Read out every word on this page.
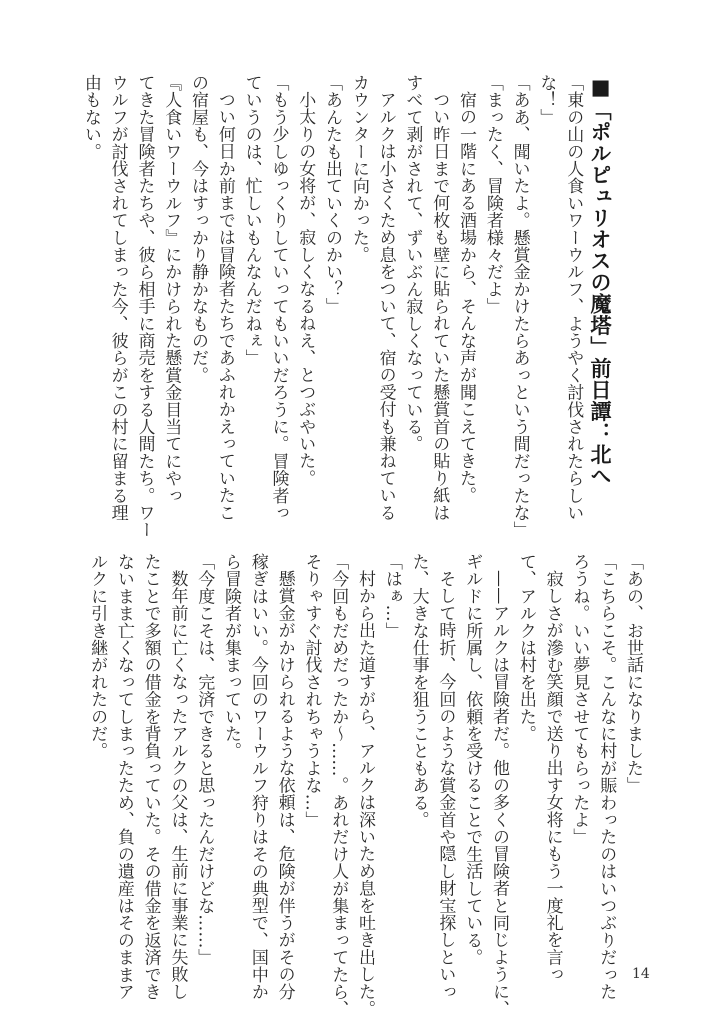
■「ポルピュリオスの魔塔」前日譚：北へ
「東の山の人食いワーウルフ、ようやく討伐されたらしい
な！」
「ああ、聞いたよ。懸賞金かけたらあっという間だったな」
「まったく、冒険者様々だよ」
宿の一階にある酒場から、そんな声が聞こえてきた。
つい昨日まで何枚も壁に貼られていた懸賞首の貼り紙は
すべて剥がされて、ずいぶん寂しくなっている。
アルクは小さくため息をついて、宿の受付も兼ねている
カウンターに向かった。
「あんたも出ていくのかい？」
小太りの女将が、寂しくなるねえ、とつぶやいた。
「もう少しゆっくりしていってもいいだろうに。冒険者っ
ていうのは、忙しいもんなんだねぇ」
つい何日か前までは冒険者たちであふれかえっていたこ
の宿屋も、今はすっかり静かなものだ。
『人食いワーウルフ』にかけられた懸賞金目当てにやっ
てきた冒険者たちや、彼ら相手に商売をする人間たち。ワー
ウルフが討伐されてしまった今、彼らがこの村に留まる理
由もない。
「あの、お世話になりました」
「こちらこそ。こんなに村が賑わったのはいつぶりだった
ろうね。いい夢見させてもらったよ」
寂しさが滲む笑顔で送り出す女将にもう一度礼を言っ
て、アルクは村を出た。
——アルクは冒険者だ。他の多くの冒険者と同じように、
ギルドに所属し、依頼を受けることで生活している。
そして時折、今回のような賞金首や隠し財宝探しといっ
た、大きな仕事を狙うこともある。
「はぁ…」
村から出た道すがら、アルクは深いため息を吐き出した。
「今回もだめだったか〜……。あれだけ人が集まってたら、
そりゃすぐ討伐されちゃうよな…」
懸賞金がかけられるような依頼は、危険が伴うがその分
稼ぎはいい。今回のワーウルフ狩りはその典型で、国中か
ら冒険者が集まっていた。
「今度こそは、完済できると思ったんだけどな……」
数年前に亡くなったアルクの父は、生前に事業に失敗し
たことで多額の借金を背負っていた。その借金を返済でき
ないまま亡くなってしまったため、負の遺産はそのままア
ルクに引き継がれたのだ。
14
